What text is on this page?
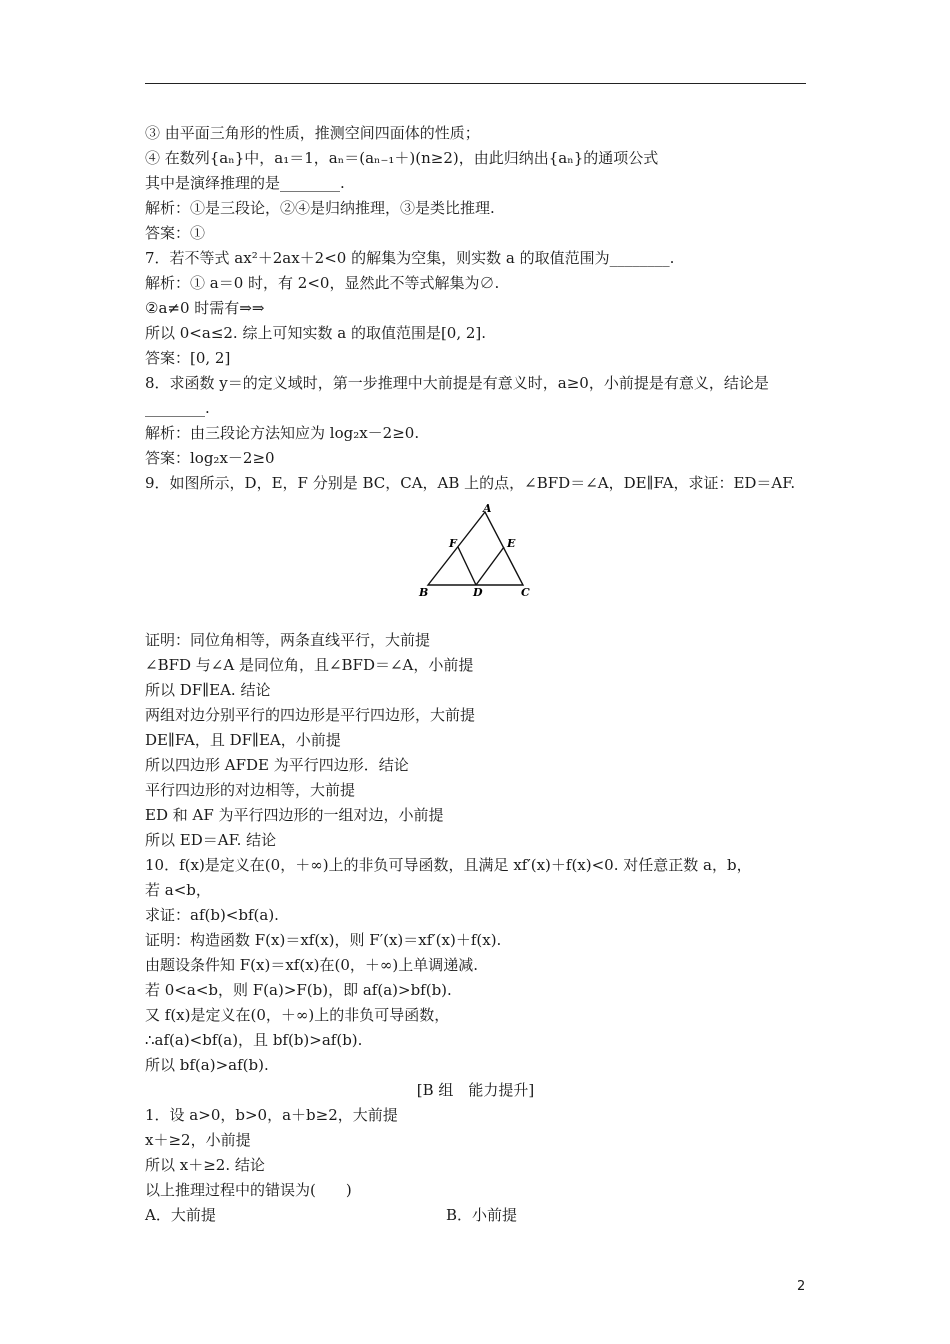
③ 由平面三角形的性质，推测空间四面体的性质；
④ 在数列{aₙ}中，a₁＝1，aₙ＝(aₙ₋₁＋)(n≥2)，由此归纳出{aₙ}的通项公式
其中是演绎推理的是________.
解析：①是三段论，②④是归纳推理，③是类比推理.
答案：①
7．若不等式 ax²＋2ax＋2<0 的解集为空集，则实数 a 的取值范围为________.
解析：① a＝0 时，有 2<0，显然此不等式解集为∅.
②a≠0 时需有⇒⇒
所以 0<a≤2. 综上可知实数 a 的取值范围是[0, 2].
答案：[0, 2]
8．求函数 y＝的定义域时，第一步推理中大前提是有意义时，a≥0，小前提是有意义，结论是
________.
解析：由三段论方法知应为 log₂x－2≥0.
答案：log₂x－2≥0
9．如图所示，D，E，F 分别是 BC，CA，AB 上的点，∠BFD＝∠A，DE∥FA，求证：ED＝AF.
证明：同位角相等，两条直线平行，大前提
∠BFD 与∠A 是同位角，且∠BFD＝∠A，小前提
所以 DF∥EA. 结论
两组对边分别平行的四边形是平行四边形，大前提
DE∥FA，且 DF∥EA，小前提
所以四边形 AFDE 为平行四边形．结论
平行四边形的对边相等，大前提
ED 和 AF 为平行四边形的一组对边，小前提
所以 ED＝AF. 结论
10．f(x)是定义在(0，＋∞)上的非负可导函数，且满足 xf′(x)＋f(x)<0. 对任意正数 a，b，
若 a<b，
求证：af(b)<bf(a).
证明：构造函数 F(x)＝xf(x)，则 F′(x)＝xf′(x)＋f(x).
由题设条件知 F(x)＝xf(x)在(0，＋∞)上单调递减.
若 0<a<b，则 F(a)>F(b)，即 af(a)>bf(b).
又 f(x)是定义在(0，＋∞)上的非负可导函数，
∴af(a)<bf(a)，且 bf(b)>af(b).
所以 bf(a)>af(b).
[B 组　能力提升]
1．设 a>0，b>0，a＋b≥2，大前提
x＋≥2，小前提
所以 x＋≥2. 结论
以上推理过程中的错误为(　　)
A．大前提	B．小前提
A
B	C
D
E
F
2
